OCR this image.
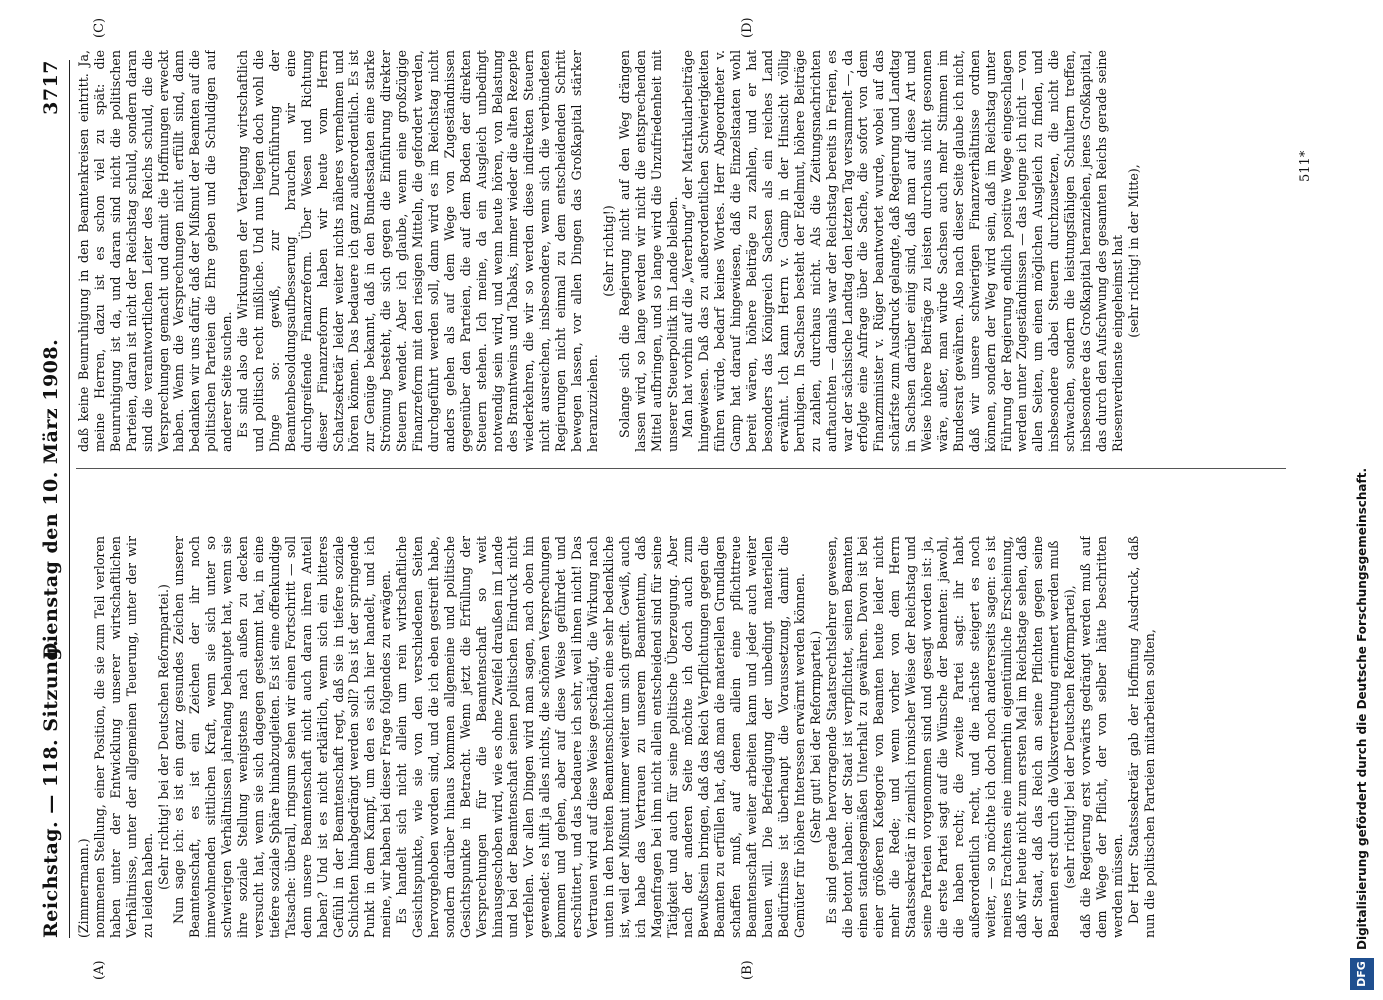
Reichstag. — 118. Sitzung.
Dienstag den 10. März 1908.
3717
(A)	(B)
(C)	(D)

(Zimmermann.) nommenen Stellung, einer Position, die sie zum Teil verloren haben unter der Entwicklung unserer wirtschaftlichen Verhältnisse, unter der allgemeinen Teuerung, unter der wir zu leiden haben. (Sehr richtig! bei der Deutschen Reformpartei.) Nun sage ich: es ist ein ganz gesundes Zeichen unserer Beamtenschaft, es ist ein Zeichen der ihr noch innewohnenden sittlichen Kraft, wenn sie sich unter so schwierigen Verhältnissen jahrelang behauptet hat, wenn sie ihre soziale Stellung wenigstens nach außen zu decken versucht hat, wenn sie sich dagegen gestemmt hat, in eine tiefere soziale Sphäre hinabzugleiten. Es ist eine offenkundige Tatsache: überall, ringsum sehen wir einen Fortschritt — soll denn unsere Beamtenschaft nicht auch daran ihren Anteil haben? Und ist es nicht erklärlich, wenn sich ein bitteres Gefühl in der Beamtenschaft regt, daß sie in tiefere soziale Schichten hinabgedrängt werden soll? Das ist der springende Punkt in dem Kampf, um den es sich hier handelt, und ich meine, wir haben bei dieser Frage folgendes zu erwägen. Es handelt sich nicht allein um rein wirtschaftliche Gesichtspunkte, wie sie von den verschiedenen Seiten hervorgehoben worden sind, und die ich eben gestreift habe, sondern darüber hinaus kommen allgemeine und politische Gesichtspunkte in Betracht. Wenn jetzt die Erfüllung der Versprechungen für die Beamtenschaft so weit hinausgeschoben wird, wie es ohne Zweifel draußen im Lande und bei der Beamtenschaft seinen politischen Eindruck nicht verfehlen. Vor allen Dingen wird man sagen, nach oben hin gewendet: es hilft ja alles nichts, die schönen Versprechungen kommen und gehen, aber auf diese Weise geführdet und erschüttert, und das bedauere ich sehr, weil ihnen nicht! Das Vertrauen wird auf diese Weise geschädigt, die Wirkung nach unten in den breiten Beamtenschichten eine sehr bedenkliche ist, weil der Mißmut immer weiter um sich greift. Gewiß, auch ich habe das Vertrauen zu unserem Beamtentum, daß Magenfragen bei ihm nicht allein entscheidend sind für seine Tätigkeit und auch für seine politische Überzeugung. Aber nach der anderen Seite möchte ich doch auch zum Bewußtsein bringen, daß das Reich Verpflichtungen gegen die Beamten zu erfüllen hat, daß man die materiellen Grundlagen schaffen muß, auf denen allein eine pflichttreue Beamtenschaft weiter arbeiten kann und jeder auch weiter bauen will. Die Befriedigung der unbedingt materiellen Bedürfnisse ist überhaupt die Voraussetzung, damit die Gemüter für höhere Interessen erwärmt werden können. (Sehr gut! bei der Reformpartei.) Es sind gerade hervorragende Staatsrechtslehrer gewesen, die betont haben: der Staat ist verpflichtet, seinen Beamten einen standesgemäßen Unterhalt zu gewähren. Davon ist bei einer größeren Kategorie von Beamten heute leider nicht mehr die Rede; und wenn vorher von dem Herrn Staatssekretär in ziemlich ironischer Weise der Reichstag und seine Parteien vorgenommen sind und gesagt worden ist: ja, die erste Partei sagt auf die Wünsche der Beamten: jawohl, die haben recht; die zweite Partei sagt: ihr habt außerordentlich recht, und die nächste steigert es noch weiter, — so möchte ich doch noch andererseits sagen: es ist meines Erachtens eine immerhin eigentümliche Erscheinung, daß wir heute nicht zum ersten Mal im Reichstage sehen, daß der Staat, daß das Reich an seine Pflichten gegen seine Beamten erst durch die Volksvertretung erinnert werden muß (sehr richtig! bei der Deutschen Reformpartei), daß die Regierung erst vorwärts gedrängt werden muß auf dem Wege der Pflicht, der von selber hätte beschritten werden müssen. Der Herr Staatssekretär gab der Hoffnung Ausdruck, daß nun die politischen Parteien mitarbeiten sollten,

daß keine Beunruhigung in den Beamtenkreisen eintritt. Ja, meine Herren, dazu ist es schon viel zu spät: die Beunruhigung ist da, und daran sind nicht die politischen Parteien, daran ist nicht der Reichstag schuld, sondern daran sind die verantwortlichen Leiter des Reichs schuld, die die Versprechungen gemacht und damit die Hoffnungen erweckt haben. Wenn die Versprechungen nicht erfüllt sind, dann bedanken wir uns dafür, daß der Mißmut der Beamten auf die politischen Parteien die Ehre geben und die Schuldigen auf anderer Seite suchen. Es sind also die Wirkungen der Vertagung wirtschaftlich und politisch recht mißliche. Und nun liegen doch wohl die Dinge so: gewiß, zur Durchführung der Beamtenbesoldungsaufbesserung brauchen wir eine durchgreifende Finanzreform. Über Wesen und Richtung dieser Finanzreform haben wir heute vom Herrn Schatzsekretär leider weiter nichts näheres vernehmen und hören können. Das bedauere ich ganz außerordentlich. Es ist zur Genüge bekannt, daß in den Bundesstaaten eine starke Strömung besteht, die sich gegen die Einführung direkter Steuern wendet. Aber ich glaube, wenn eine großzügige Finanzreform mit den riesigen Mitteln, die gefordert werden, durchgeführt werden soll, dann wird es im Reichstag nicht anders gehen als auf dem Wege von Zugeständnissen gegenüber den Parteien, die auf dem Boden der direkten Steuern stehen. Ich meine, da ein Ausgleich unbedingt notwendig sein wird, und wenn heute hören, von Belastung des Branntweins und Tabaks, immer wieder die alten Rezepte wiederkehren, die wir so werden diese indirekten Steuern nicht ausreichen, insbesondere, wenn sich die verbündeten Regierungen nicht einmal zu dem entscheidenden Schritt bewegen lassen, vor allen Dingen das Großkapital stärker heranzuziehen.

(Sehr richtig!) Solange sich die Regierung nicht auf den Weg drängen lassen wird, so lange werden wir nicht die entsprechenden Mittel aufbringen, und so lange wird die Unzufriedenheit mit unserer Steuerpolitik im Lande bleiben. Man hat vorhin auf die „Vererbung“ der Matrikularbeiträge hingewiesen. Daß das zu außerordentlichen Schwierigkeiten führen würde, bedarf keines Wortes. Herr Abgeordneter v. Gamp hat darauf hingewiesen, daß die Einzelstaaten wohl bereit wären, höhere Beiträge zu zahlen, und er hat besonders das Königreich Sachsen als ein reiches Land erwähnt. Ich kann Herrn v. Gamp in der Hinsicht völlig beruhigen. In Sachsen besteht der Edelmut, höhere Beiträge zu zahlen, durchaus nicht. Als die Zeitungsnachrichten auftauchten — damals war der Reichstag bereits in Ferien, es war der sächsische Landtag den letzten Tag versammelt —, da erfolgte eine Anfrage über die Sache, die sofort von dem Finanzminister v. Rüger beantwortet wurde, wobei auf das schärfste zum Ausdruck gelangte, daß Regierung und Landtag in Sachsen darüber einig sind, daß man auf diese Art und Weise höhere Beiträge zu leisten durchaus nicht gesonnen wäre, außer, man würde Sachsen auch mehr Stimmen im Bundesrat gewähren. Also nach dieser Seite glaube ich nicht, daß wir unsere schwierigen Finanzverhältnisse ordnen können, sondern der Weg wird sein, daß im Reichstag unter Führung der Regierung endlich positive Wege eingeschlagen werden unter Zugeständnissen — das leugne ich nicht — von allen Seiten, um einen möglichen Ausgleich zu finden, und insbesondere dabei Steuern durchzusetzen, die nicht die schwachen, sondern die leistungsfähigen Schultern treffen, insbesondere das Großkapital heranziehen, jenes Großkapital, das durch den Aufschwung des gesamten Reichs gerade seine Riesenverdienste eingeheimst hat (sehr richtig! in der Mitte),	511*
DFG
Digitalisierung gefördert durch die Deutsche Forschungsgemeinschaft.
